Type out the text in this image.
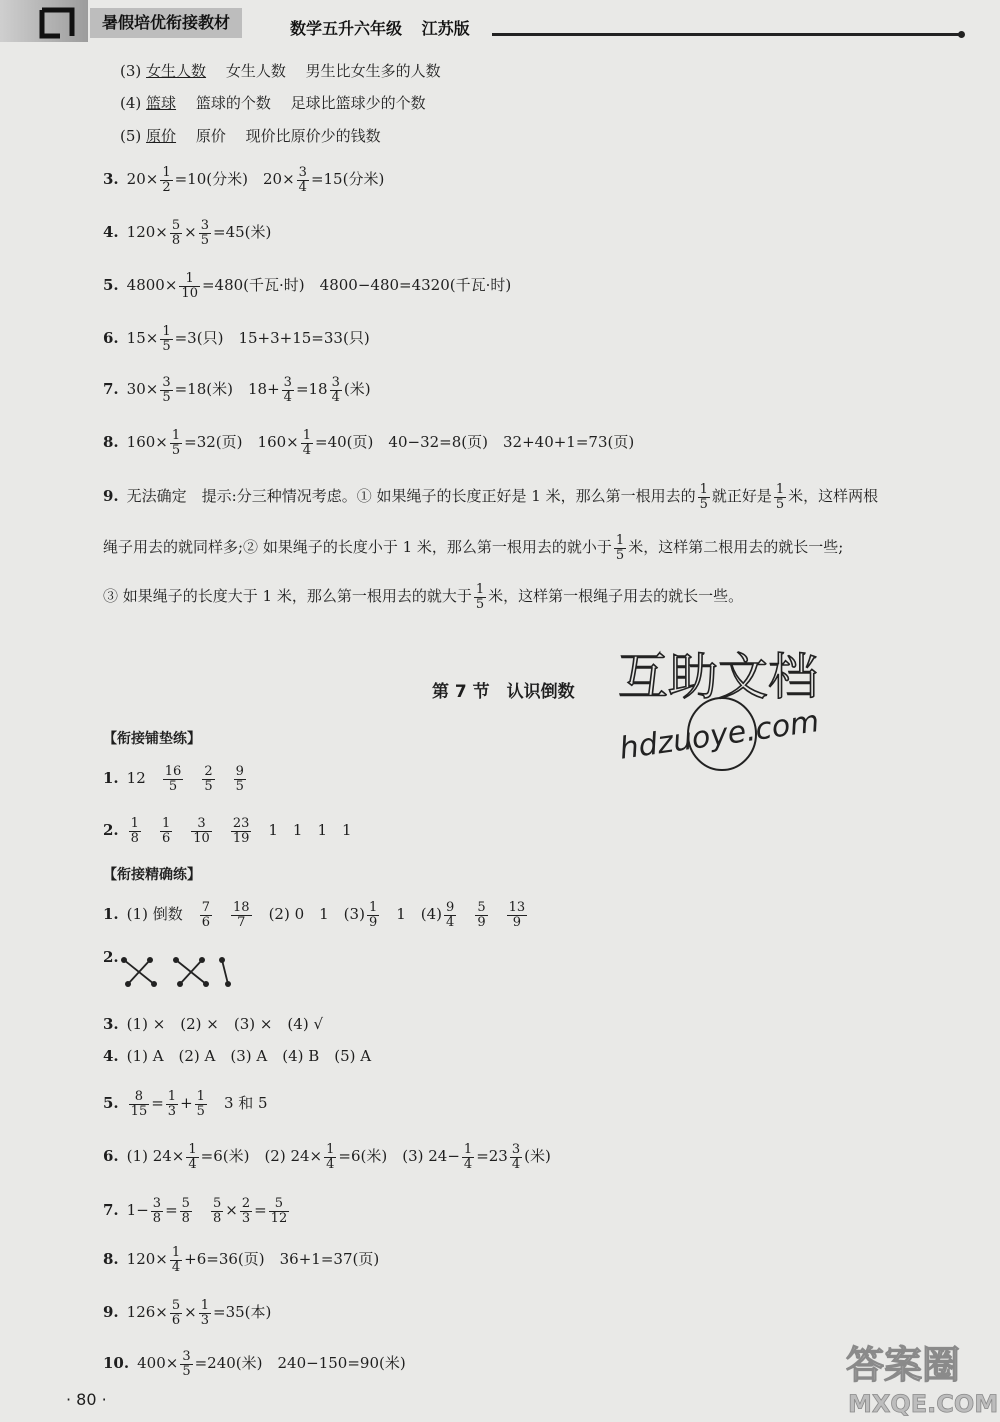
暑假培优衔接教材	数学五升六年级 江苏版
(3) 女生人数　 女生人数　 男生比女生多的人数
(4) 篮球　 篮球的个数　 足球比篮球少的个数
(5) 原价　 原价　 现价比原价少的钱数
3. $20\times \frac{1}{2} =10$(分米)　 $20\times \frac{3}{4} =15$(分米)
4. $120\times \frac{5}{8} \times \frac{3}{5} =45$(米)
5. $4800\times \frac{1}{10} =480$(千瓦·时)　 4800−480=4320(千瓦·时)
6. $15\times \frac{1}{5} =3$(只)　 15+3+15=33(只)
7. $30\times \frac{3}{5} =18$(米)　 $18+ \frac{3}{4} =18 \frac{3}{4}$ (米)
8. $160\times \frac{1}{5} =32$(页)　 $160\times \frac{1}{4} =40$(页)　 40−32=8(页)　 32+40+1=73(页)
9. 无法确定　提示:分三种情况考虑。① 如果绳子的长度正好是 1 米，那么第一根用去的 $\frac{1}{5}$ 就正好是 $\frac{1}{5}$ 米，这样两根
绳子用去的就同样多;② 如果绳子的长度小于 1 米，那么第一根用去的就小于 $\frac{1}{5}$ 米，这样第二根用去的就长一些;
③ 如果绳子的长度大于 1 米，那么第一根用去的就大于 $\frac{1}{5}$ 米，这样第一根绳子用去的就长一些。
第 7 节　认识倒数 互助文档
hdzuoye.com
【衔接铺垫练】
1. 12　 $\frac{16}{5}$
　 $\frac{2}{5}$
　 $\frac{9}{5}$
2. $\frac{1}{8}$
　 $\frac{1}{6}$
　 $\frac{3}{10}$
　 $\frac{23}{19}$
　 1　1　1　1
【衔接精确练】
1. (1) 倒数　 $\frac{7}{6}$
　 $\frac{18}{7}$
　 (2) 0　1　$(3) \frac{1}{9}$
　 1　$(4) \frac{9}{4}$
　 $\frac{5}{9}$
　 $\frac{13}{9}$
2.
3. (1) ×　(2) ×　(3) ×　(4) √
4. (1) A　(2) A　(3) A　(4) B　(5) A
5. $\frac{8}{15} = \frac{1}{3} + \frac{1}{5}$
　 3 和 5
6. (1) $24\times \frac{1}{4} =6$(米)　(2) $24\times \frac{1}{4} =6$(米)　(3) $24- \frac{1}{4} =23 \frac{3}{4}$ (米)
7. $1- \frac{3}{8} = \frac{5}{8}$
　 $\frac{5}{8} \times \frac{2}{3} = \frac{5}{12}$
8. $120\times \frac{1}{4} +6=36$(页)　36+1=37(页)
9. $126\times \frac{5}{6} \times \frac{1}{3} =35$(本)
10. $400\times \frac{3}{5} =240$(米)　240−150=90(米)	答案圈
MXQE.COM
· 80 ·
